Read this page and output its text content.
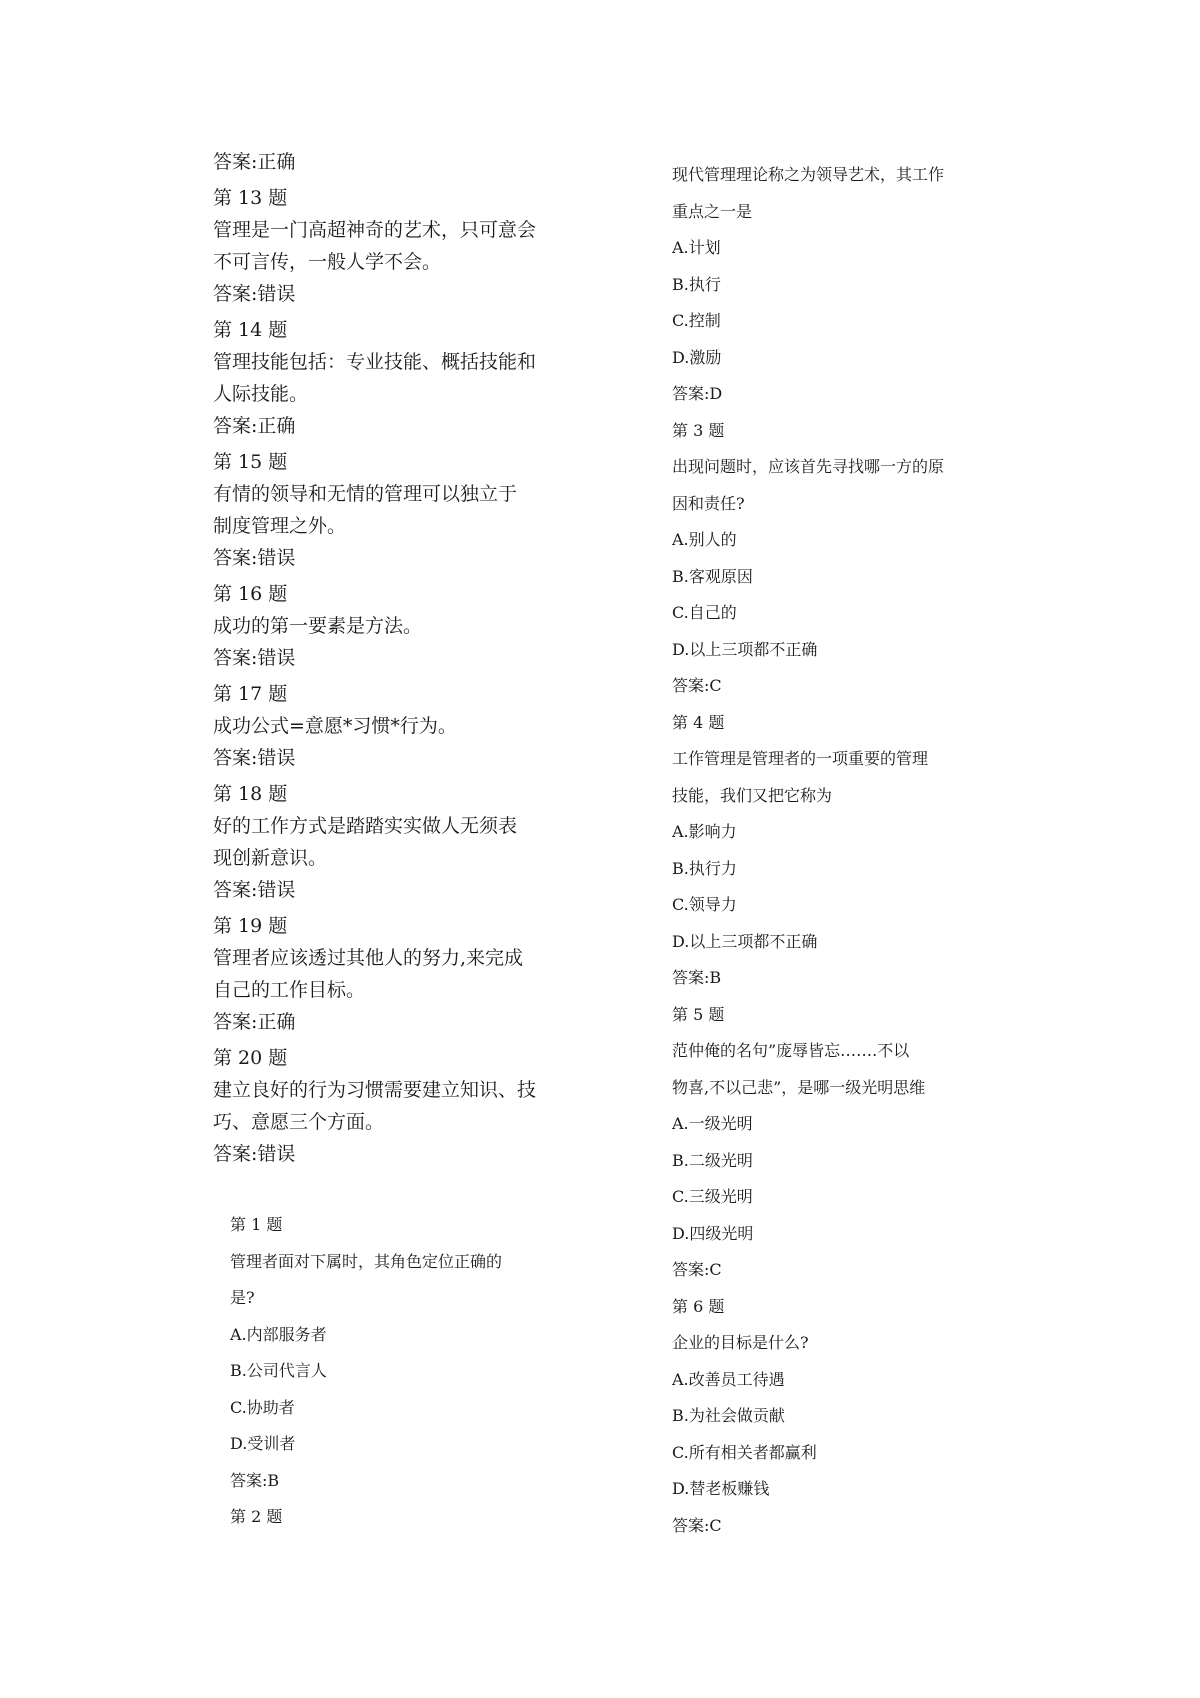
答案:正确

第 13 题

管理是一门高超神奇的艺术，只可意会

不可言传，一般人学不会。

答案:错误

第 14 题

管理技能包括：专业技能、概括技能和

人际技能。

答案:正确

第 15 题

有情的领导和无情的管理可以独立于

制度管理之外。

答案:错误

第 16 题

成功的第一要素是方法。

答案:错误

第 17 题

成功公式=意愿*习惯*行为。

答案:错误

第 18 题

好的工作方式是踏踏实实做人无须表

现创新意识。

答案:错误

第 19 题

管理者应该透过其他人的努力,来完成

自己的工作目标。

答案:正确

第 20 题

建立良好的行为习惯需要建立知识、技

巧、意愿三个方面。

答案:错误

第 1 题

管理者面对下属时，其角色定位正确的

是?

A.内部服务者

B.公司代言人

C.协助者

D.受训者

答案:B

第 2 题

现代管理理论称之为领导艺术，其工作

重点之一是

A.计划

B.执行

C.控制

D.激励

答案:D

第 3 题

出现问题时，应该首先寻找哪一方的原

因和责任?

A.别人的

B.客观原因

C.自己的

D.以上三项都不正确

答案:C

第 4 题

工作管理是管理者的一项重要的管理

技能，我们又把它称为

A.影响力

B.执行力

C.领导力

D.以上三项都不正确

答案:B

第 5 题

范仲俺的名句”庞辱皆忘…….不以

物喜,不以己悲”，是哪一级光明思维

A.一级光明

B.二级光明

C.三级光明

D.四级光明

答案:C

第 6 题

企业的目标是什么?

A.改善员工待遇

B.为社会做贡献

C.所有相关者都赢利

D.替老板赚钱

答案:C
